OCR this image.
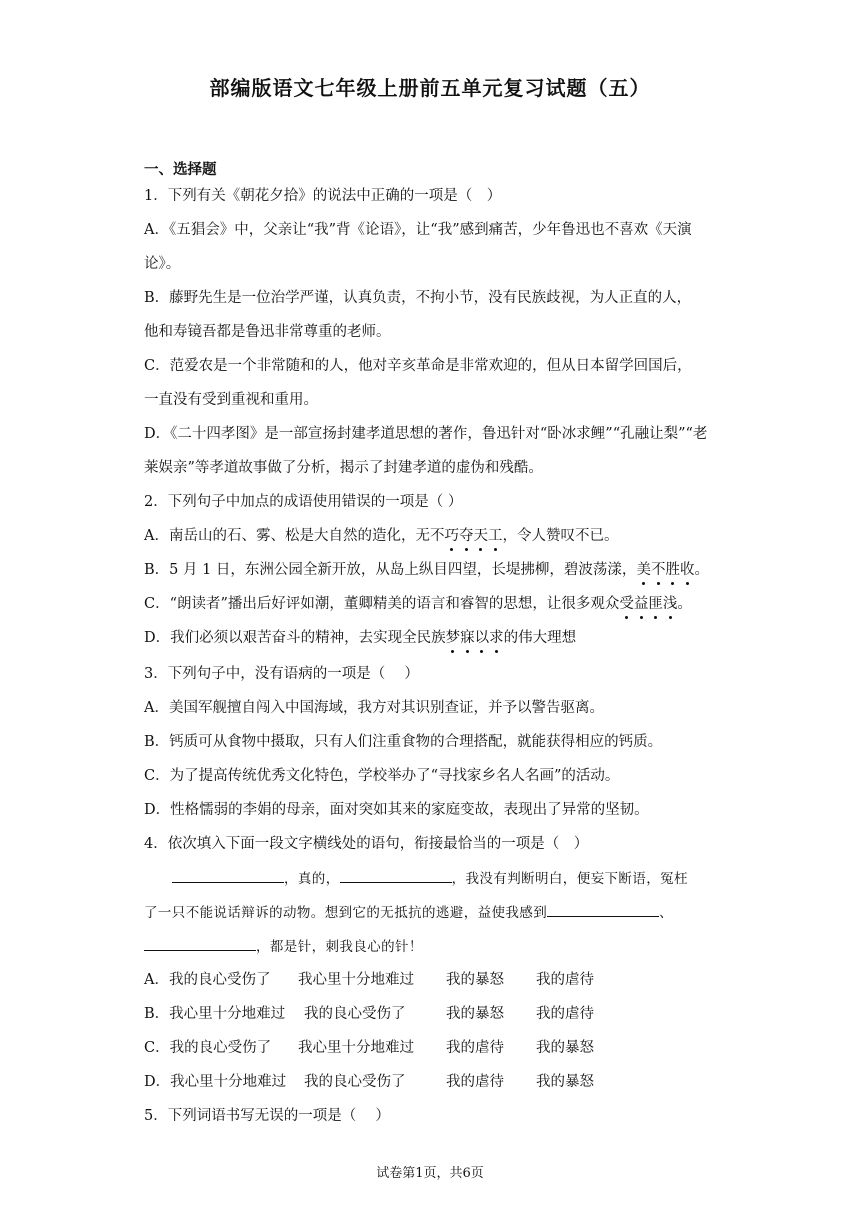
部编版语文七年级上册前五单元复习试题（五）
一、选择题
1．下列有关《朝花夕拾》的说法中正确的一项是（　）
A．《五猖会》中，父亲让“我”背《论语》，让“我”感到痛苦，少年鲁迅也不喜欢《天演
论》。
B．藤野先生是一位治学严谨，认真负责，不拘小节，没有民族歧视，为人正直的人，
他和寿镜吾都是鲁迅非常尊重的老师。
C．范爱农是一个非常随和的人，他对辛亥革命是非常欢迎的，但从日本留学回国后，
一直没有受到重视和重用。
D．《二十四孝图》是一部宣扬封建孝道思想的著作，鲁迅针对“卧冰求鲤”“孔融让梨”“老
莱娱亲”等孝道故事做了分析，揭示了封建孝道的虚伪和残酷。
2．下列句子中加点的成语使用错误的一项是（ ）
A．南岳山的石、雾、松是大自然的造化，无不巧夺天工，令人赞叹不已。
B．5 月 1 日，东洲公园全新开放，从岛上纵目四望，长堤拂柳，碧波荡漾，美不胜收。
C．“朗读者”播出后好评如潮，董卿精美的语言和睿智的思想，让很多观众受益匪浅。
D．我们必须以艰苦奋斗的精神，去实现全民族梦寐以求的伟大理想
3．下列句子中，没有语病的一项是（　 ）
A．美国军舰擅自闯入中国海域，我方对其识别查证，并予以警告驱离。
B．钙质可从食物中摄取，只有人们注重食物的合理搭配，就能获得相应的钙质。
C．为了提高传统优秀文化特色，学校举办了“寻找家乡名人名画”的活动。
D．性格懦弱的李娟的母亲，面对突如其来的家庭变故，表现出了异常的坚韧。
4．依次填入下面一段文字横线处的语句，衔接最恰当的一项是（　）
，真的，	，我没有判断明白，便妄下断语，冤枉
了一只不能说话辩诉的动物。想到它的无抵抗的逃避，益使我感到	、
，都是针，刺我良心的针！
A．我的良心受伤了 我心里十分地难过 我的暴怒 我的虐待
B．我心里十分地难过 我的良心受伤了	我的暴怒 我的虐待
C．我的良心受伤了 我心里十分地难过 我的虐待 我的暴怒
D．我心里十分地难过 我的良心受伤了	我的虐待 我的暴怒
5．下列词语书写无误的一项是（　 ）
试卷第1页，共6页
